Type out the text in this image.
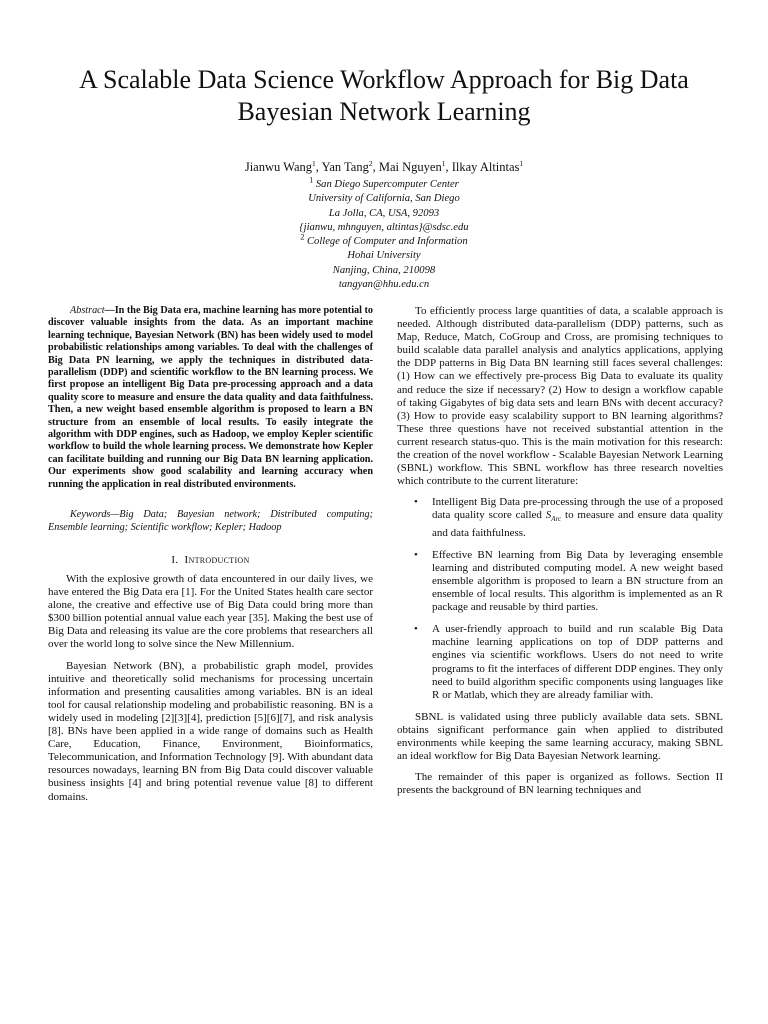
A Scalable Data Science Workflow Approach for Big Data Bayesian Network Learning
Jianwu Wang$^1$, Yan Tang$^2$, Mai Nguyen$^1$, Ilkay Altintas$^1$
$^1$ San Diego Supercomputer Center
University of California, San Diego
La Jolla, CA, USA, 92093
{jianwu, mhnguyen, altintas}@sdsc.edu
$^2$ College of Computer and Information
Hohai University
Nanjing, China, 210098
tangyan@hhu.edu.cn

Abstract—In the Big Data era, machine learning has more potential to discover valuable insights from the data. As an important machine learning technique, Bayesian Network (BN) has been widely used to model probabilistic relationships among variables. To deal with the challenges of Big Data PN learning, we apply the techniques in distributed data-parallelism (DDP) and scientific workflow to the BN learning process. We first propose an intelligent Big Data pre-processing approach and a data quality score to measure and ensure the data quality and data faithfulness. Then, a new weight based ensemble algorithm is proposed to learn a BN structure from an ensemble of local results. To easily integrate the algorithm with DDP engines, such as Hadoop, we employ Kepler scientific workflow to build the whole learning process. We demonstrate how Kepler can facilitate building and running our Big Data BN learning application. Our experiments show good scalability and learning accuracy when running the application in real distributed environments.

Keywords—Big Data; Bayesian network; Distributed computing; Ensemble learning; Scientific workflow; Kepler; Hadoop

I. Introduction

With the explosive growth of data encountered in our daily lives, we have entered the Big Data era [1]. For the United States health care sector alone, the creative and effective use of Big Data could bring more than $300 billion potential annual value each year [35]. Making the best use of Big Data and releasing its value are the core problems that researchers all over the world long to solve since the New Millennium.

Bayesian Network (BN), a probabilistic graph model, provides intuitive and theoretically solid mechanisms for processing uncertain information and presenting causalities among variables. BN is an ideal tool for causal relationship modeling and probabilistic reasoning. BN is a widely used in modeling [2][3][4], prediction [5][6][7], and risk analysis [8]. BNs have been applied in a wide range of domains such as Health Care, Education, Finance, Environment, Bioinformatics, Telecommunication, and Information Technology [9]. With abundant data resources nowadays, learning BN from Big Data could discover valuable business insights [4] and bring potential revenue value [8] to different domains.

To efficiently process large quantities of data, a scalable approach is needed. Although distributed data-parallelism (DDP) patterns, such as Map, Reduce, Match, CoGroup and Cross, are promising techniques to build scalable data parallel analysis and analytics applications, applying the DDP patterns in Big Data BN learning still faces several challenges: (1) How can we effectively pre-process Big Data to evaluate its quality and reduce the size if necessary? (2) How to design a workflow capable of taking Gigabytes of big data sets and learn BNs with decent accuracy? (3) How to provide easy scalability support to BN learning algorithms? These three questions have not received substantial attention in the current research status-quo. This is the main motivation for this research: the creation of the novel workflow - Scalable Bayesian Network Learning (SBNL) workflow. This SBNL workflow has three research novelties which contribute to the current literature:

• Intelligent Big Data pre-processing through the use of a proposed data quality score called $S_{Arc}$ to measure and ensure data quality and data faithfulness.
• Effective BN learning from Big Data by leveraging ensemble learning and distributed computing model. A new weight based ensemble algorithm is proposed to learn a BN structure from an ensemble of local results. This algorithm is implemented as an R package and reusable by third parties.
• A user-friendly approach to build and run scalable Big Data machine learning applications on top of DDP patterns and engines via scientific workflows. Users do not need to write programs to fit the interfaces of different DDP engines. They only need to build algorithm specific components using languages like R or Matlab, which they are already familiar with.

SBNL is validated using three publicly available data sets. SBNL obtains significant performance gain when applied to distributed environments while keeping the same learning accuracy, making SBNL an ideal workflow for Big Data Bayesian Network learning.

The remainder of this paper is organized as follows. Section II presents the background of BN learning techniques and
